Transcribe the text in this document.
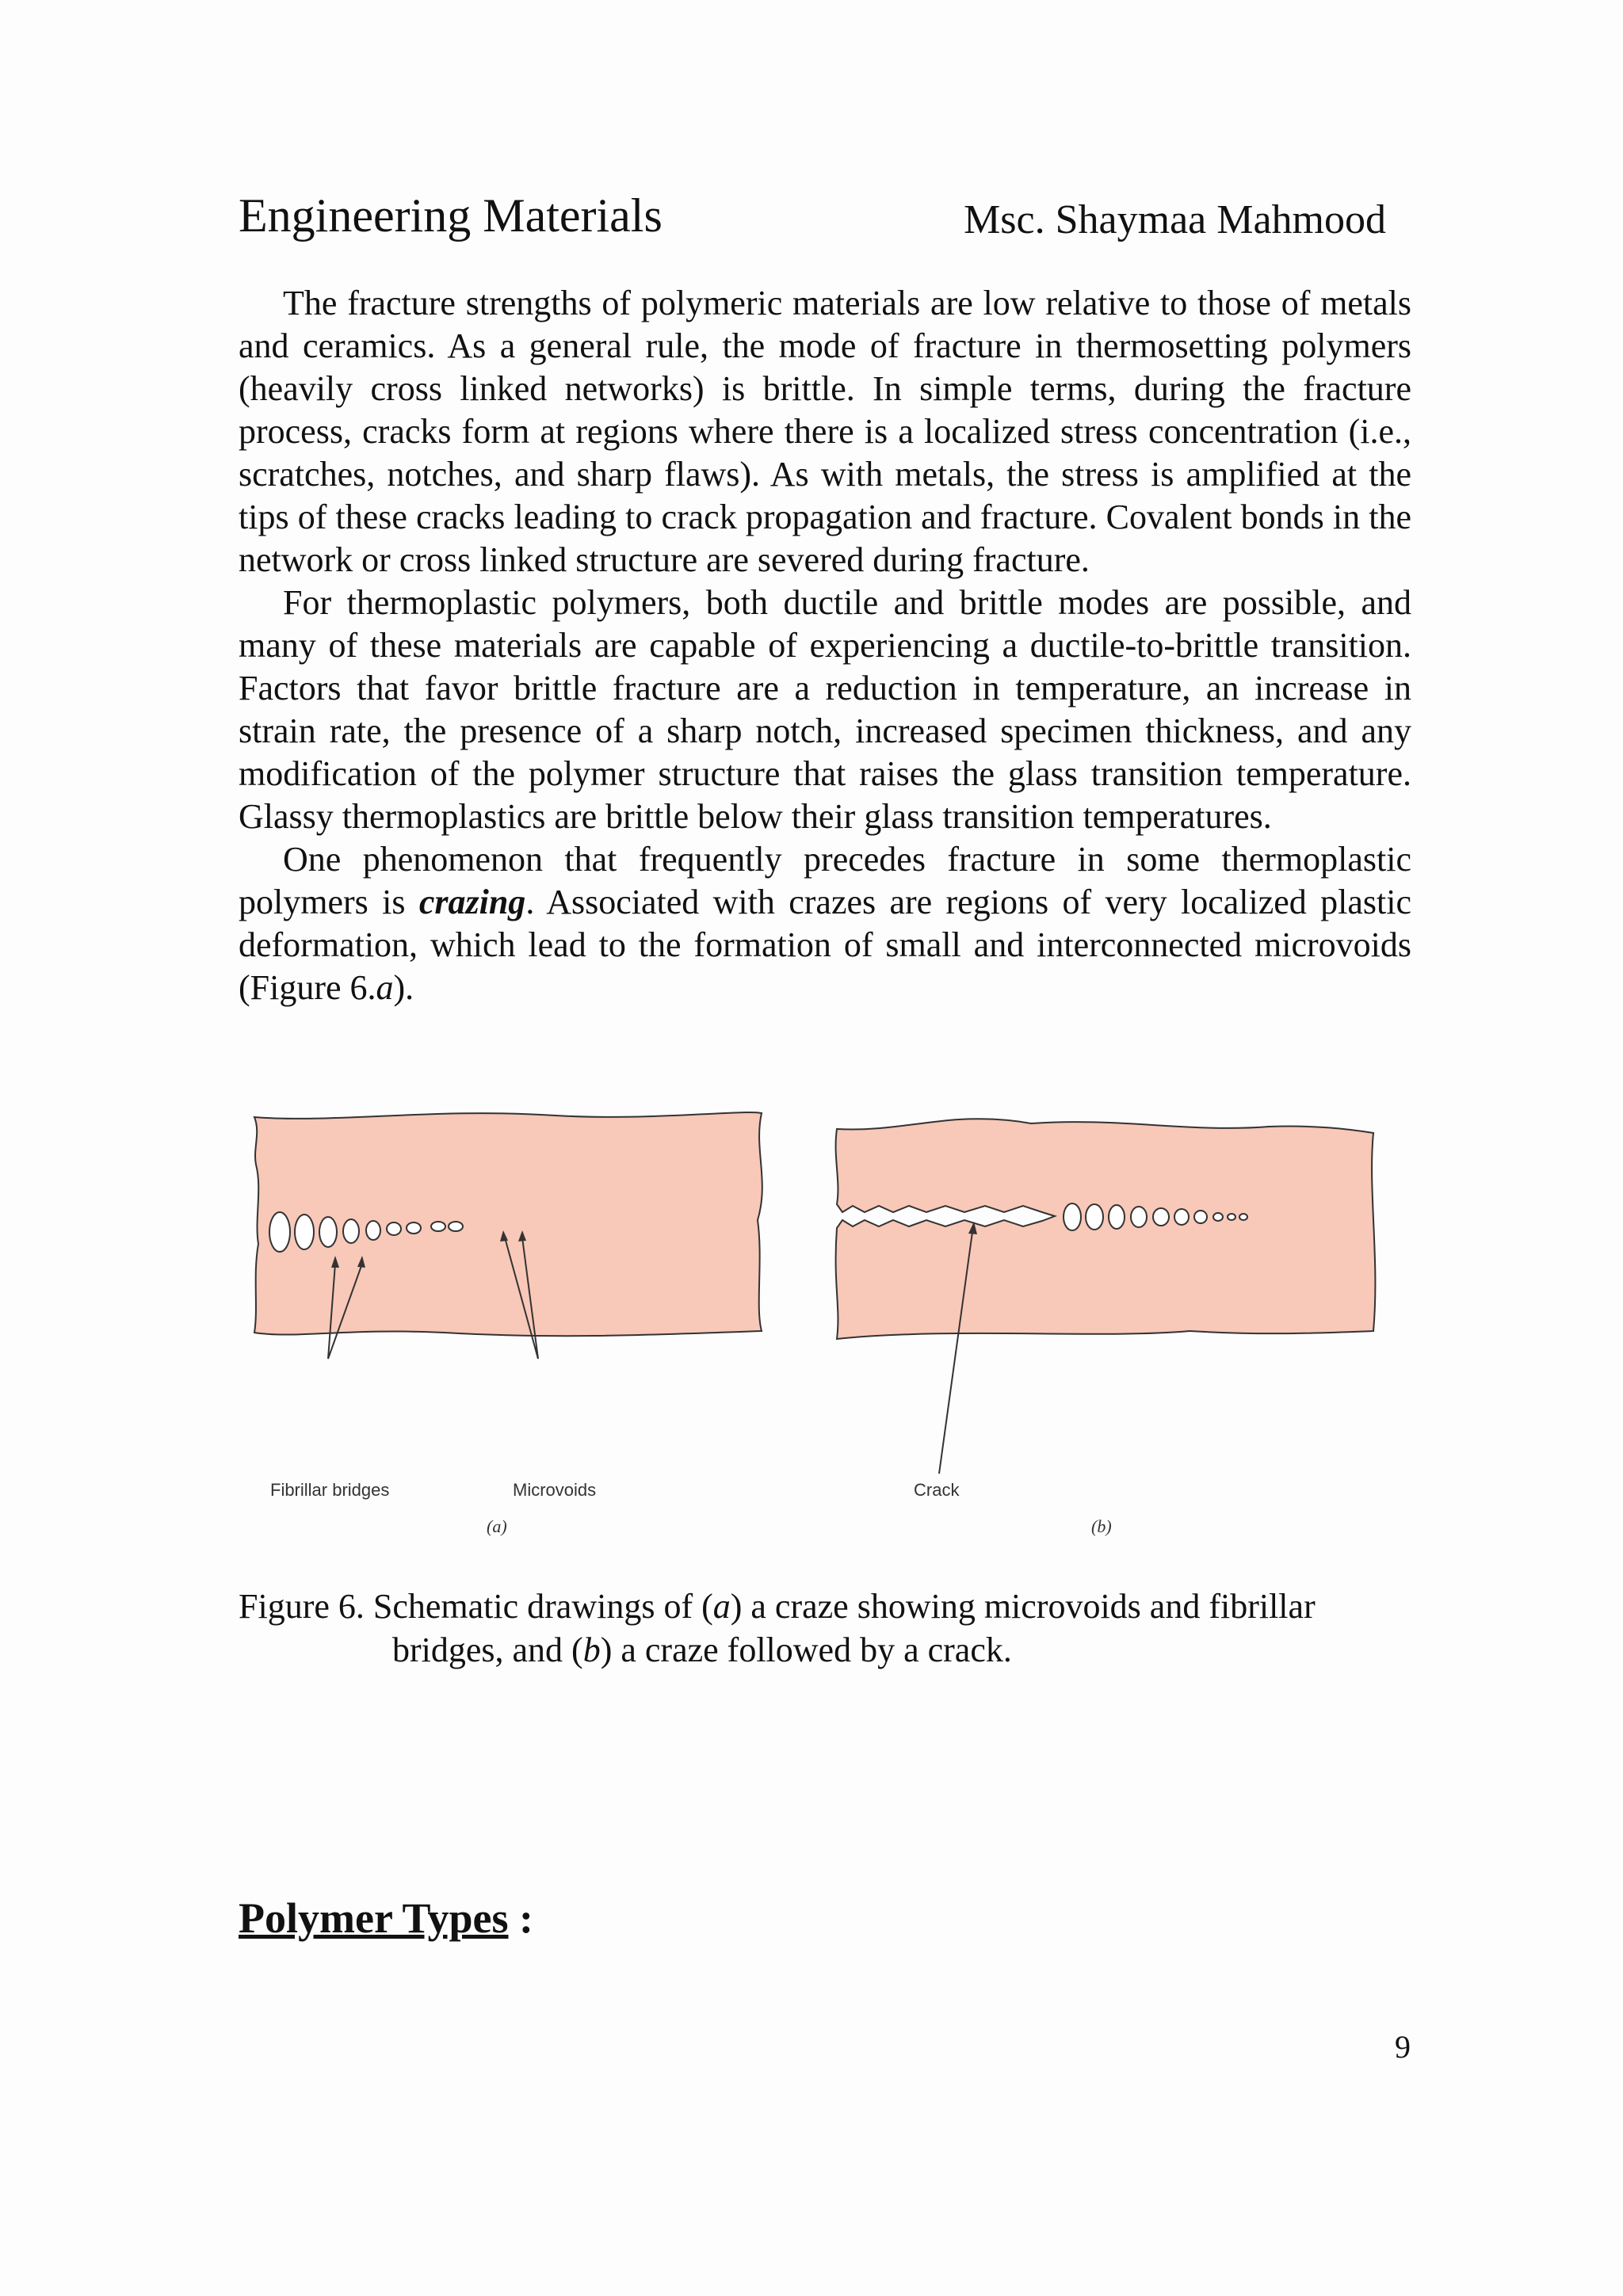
Engineering Materials	Msc. Shaymaa Mahmood

The fracture strengths of polymeric materials are low relative to those of metals and ceramics. As a general rule, the mode of fracture in thermosetting polymers (heavily cross linked networks) is brittle. In simple terms, during the fracture process, cracks form at regions where there is a localized stress concentration (i.e., scratches, notches, and sharp flaws). As with metals, the stress is amplified at the tips of these cracks leading to crack propagation and fracture. Covalent bonds in the network or cross linked structure are severed during fracture.

For thermoplastic polymers, both ductile and brittle modes are possible, and many of these materials are capable of experiencing a ductile-to-brittle transition. Factors that favor brittle fracture are a reduction in temperature, an increase in strain rate, the presence of a sharp notch, increased specimen thickness, and any modification of the polymer structure that raises the glass transition temperature. Glassy thermoplastics are brittle below their glass transition temperatures.

One phenomenon that frequently precedes fracture in some thermoplastic polymers is crazing. Associated with crazes are regions of very localized plastic deformation, which lead to the formation of small and interconnected microvoids (Figure 6.a).

Fibrillar bridges	Microvoids
(a)
Crack
(b)
Figure 6. Schematic drawings of (a) a craze showing microvoids and fibrillar
bridges, and (b) a craze followed by a crack.
Polymer Types :
9
